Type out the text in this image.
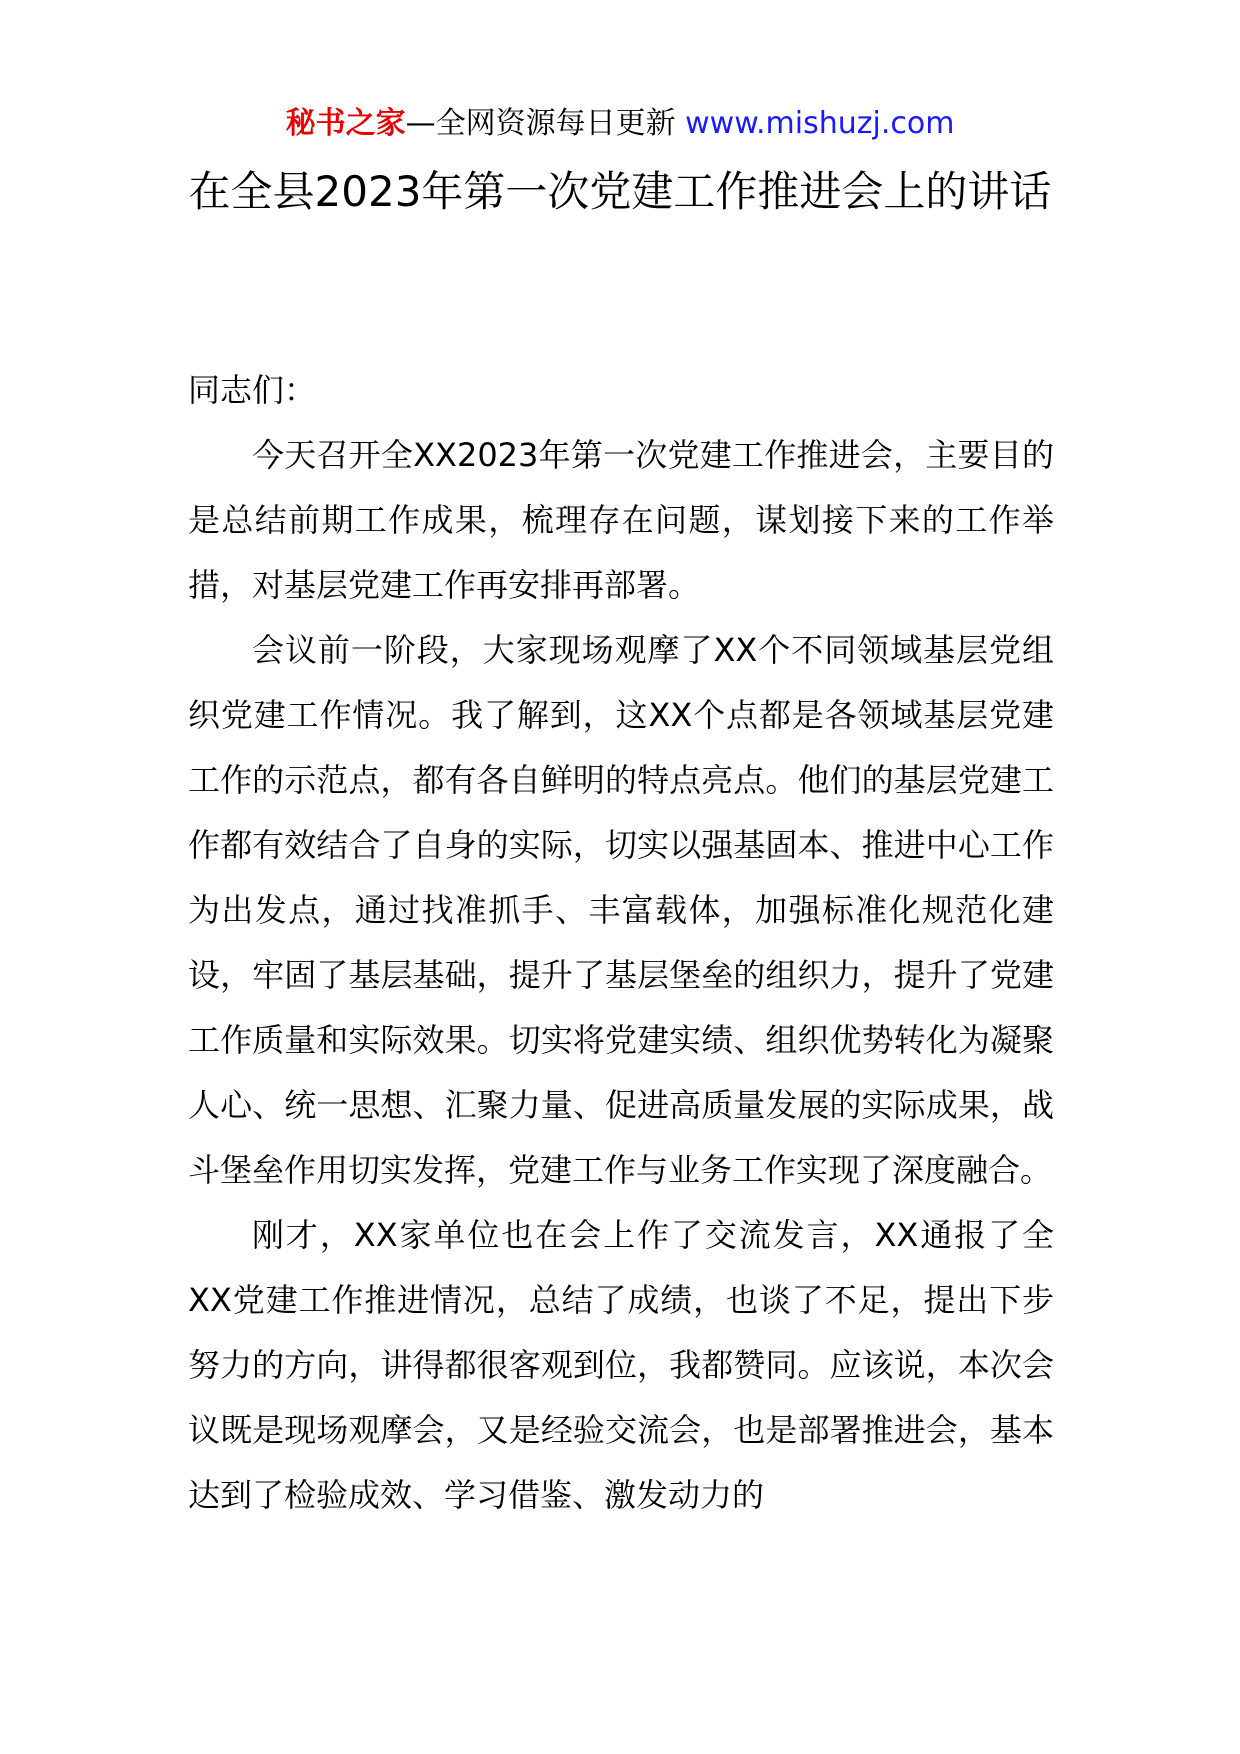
秘书之家—全网资源每日更新 www.mishuzj.com
在全县2023年第一次党建工作推进会上的讲话

同志们：

今天召开全XX2023年第一次党建工作推进会，主要目的是总结前期工作成果，梳理存在问题，谋划接下来的工作举措，对基层党建工作再安排再部署。

会议前一阶段，大家现场观摩了XX个不同领域基层党组织党建工作情况。我了解到，这XX个点都是各领域基层党建工作的示范点，都有各自鲜明的特点亮点。他们的基层党建工作都有效结合了自身的实际，切实以强基固本、推进中心工作为出发点，通过找准抓手、丰富载体，加强标准化规范化建设，牢固了基层基础，提升了基层堡垒的组织力，提升了党建工作质量和实际效果。切实将党建实绩、组织优势转化为凝聚人心、统一思想、汇聚力量、促进高质量发展的实际成果，战斗堡垒作用切实发挥，党建工作与业务工作实现了深度融合。

刚才，XX家单位也在会上作了交流发言，XX通报了全XX党建工作推进情况，总结了成绩，也谈了不足，提出下步努力的方向，讲得都很客观到位，我都赞同。应该说，本次会议既是现场观摩会，又是经验交流会，也是部署推进会，基本达到了检验成效、学习借鉴、激发动力的
